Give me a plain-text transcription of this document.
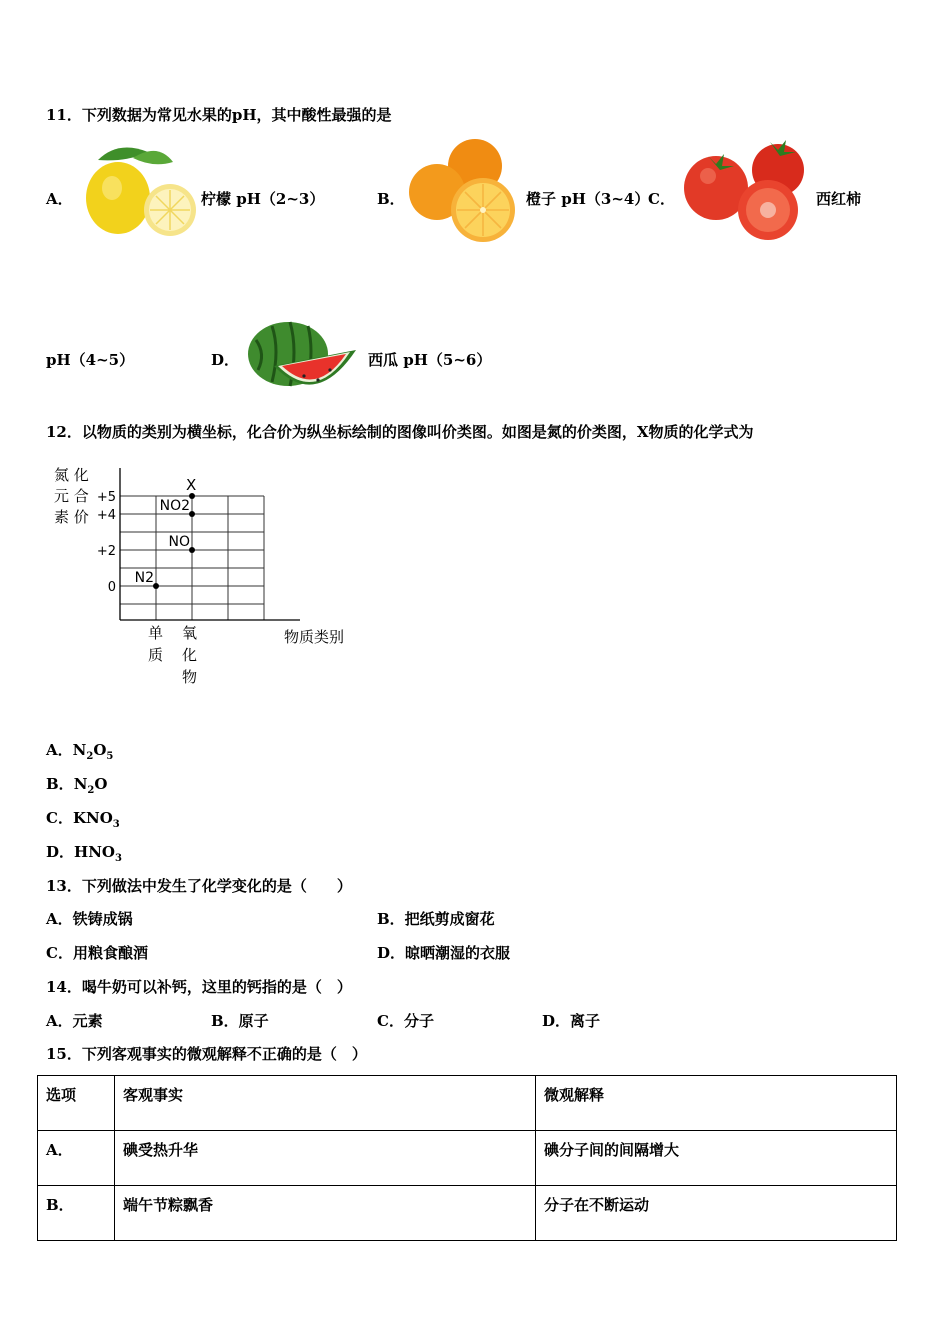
11．下列数据为常见水果的pH，其中酸性最强的是
A．	柠檬 pH（2~3）	B．	橙子 pH（3~4）
C．	西红柿
pH（4~5）	D．	西瓜 pH（5~6）
12．以物质的类别为横坐标，化合价为纵坐标绘制的图像叫价类图。如图是氮的价类图，X物质的化学式为
氮 化
元 合
素 价
+5
+4
+2
0
N2
NO
NO2
X
单
质
氧
化
物
物质类别
A．$N_2O_5$
B．$N_2O$
C．$KNO_3$
D．$HNO_3$
13．下列做法中发生了化学变化的是（　　）
A．铁铸成锅	B．把纸剪成窗花
C．用粮食酿酒	D．晾晒潮湿的衣服
14．喝牛奶可以补钙，这里的钙指的是（　）
A．元素	B．原子	C．分子	D．离子
15．下列客观事实的微观解释不正确的是（　）
选项	客观事实	微观解释
A．	碘受热升华	碘分子间的间隔增大
B．	端午节粽飘香	分子在不断运动
